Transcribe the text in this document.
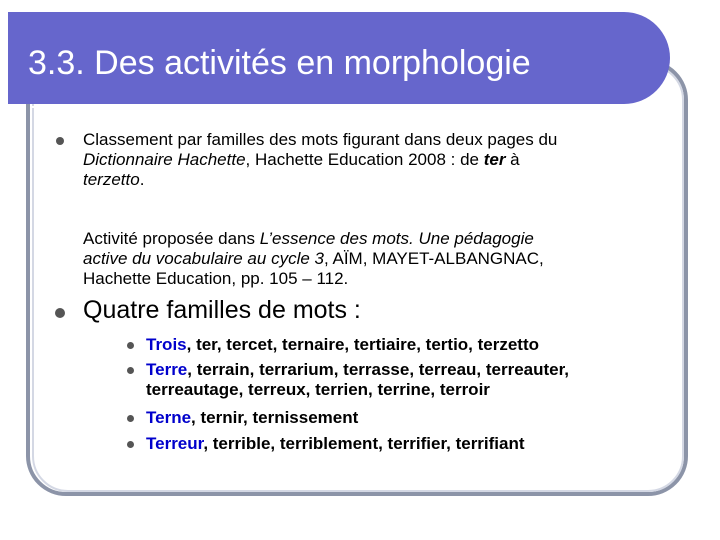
3.3. Des activités en morphologie
Classement par familles des mots figurant dans deux pages du
Dictionnaire Hachette, Hachette Education 2008 : de ter à
terzetto.
Activité proposée dans L’essence des mots. Une pédagogie
active du vocabulaire au cycle 3, AÏM, MAYET-ALBANGNAC,
Hachette Education, pp. 105 – 112.
Quatre familles de mots :
Trois, ter, tercet, ternaire, tertiaire, tertio, terzetto
Terre, terrain, terrarium, terrasse, terreau, terreauter,
terreautage, terreux, terrien, terrine, terroir
Terne, ternir, ternissement
Terreur, terrible, terriblement, terrifier, terrifiant
